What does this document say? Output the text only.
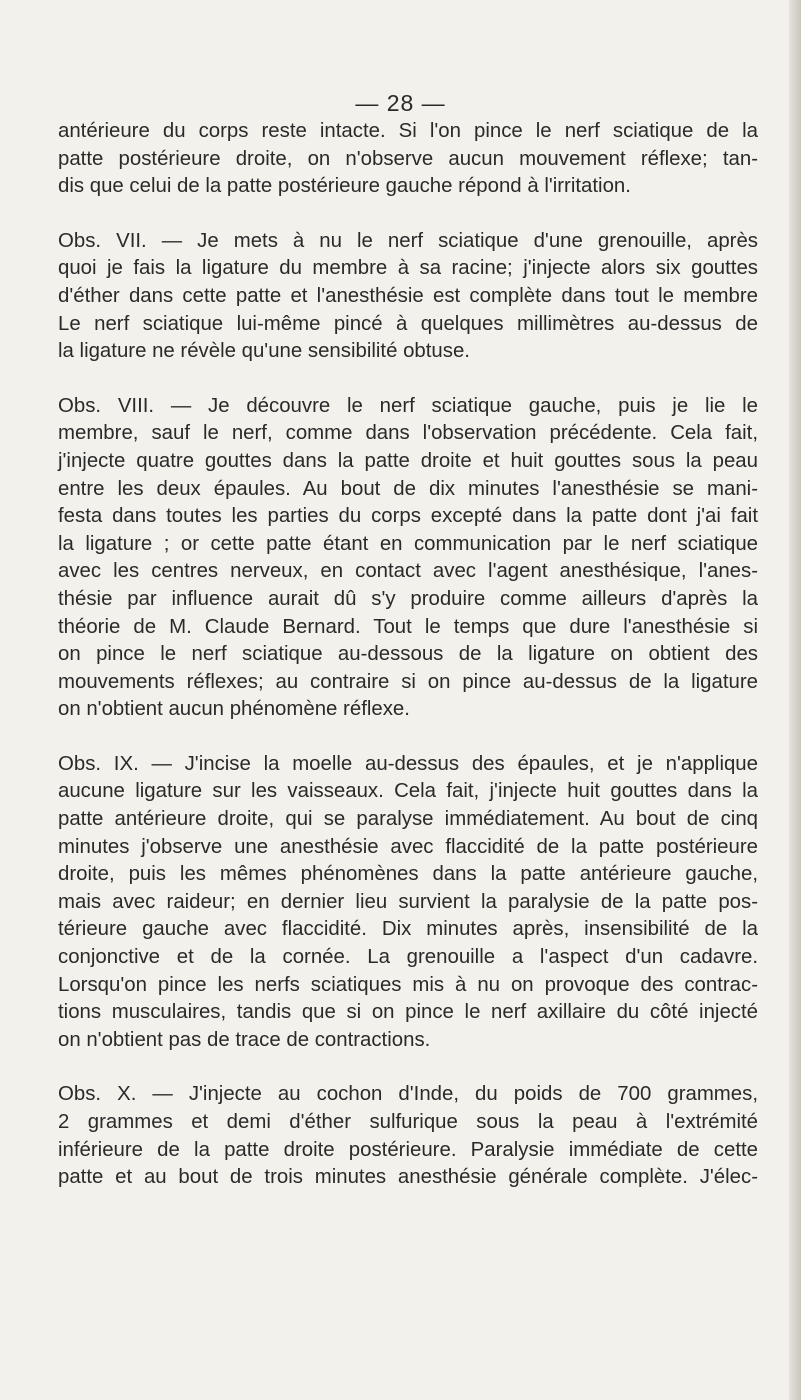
— 28 —

antérieure du corps reste intacte. Si l'on pince le nerf sciatique de la
patte postérieure droite, on n'observe aucun mouvement réflexe; tan-
dis que celui de la patte postérieure gauche répond à l'irritation.

Obs. VII. — Je mets à nu le nerf sciatique d'une grenouille, après
quoi je fais la ligature du membre à sa racine; j'injecte alors six gouttes
d'éther dans cette patte et l'anesthésie est complète dans tout le membre
Le nerf sciatique lui-même pincé à quelques millimètres au-dessus de
la ligature ne révèle qu'une sensibilité obtuse.

Obs. VIII. — Je découvre le nerf sciatique gauche, puis je lie le
membre, sauf le nerf, comme dans l'observation précédente. Cela fait,
j'injecte quatre gouttes dans la patte droite et huit gouttes sous la peau
entre les deux épaules. Au bout de dix minutes l'anesthésie se mani-
festa dans toutes les parties du corps excepté dans la patte dont j'ai fait
la ligature ; or cette patte étant en communication par le nerf sciatique
avec les centres nerveux, en contact avec l'agent anesthésique, l'anes-
thésie par influence aurait dû s'y produire comme ailleurs d'après la
théorie de M. Claude Bernard. Tout le temps que dure l'anesthésie si
on pince le nerf sciatique au-dessous de la ligature on obtient des
mouvements réflexes; au contraire si on pince au-dessus de la ligature
on n'obtient aucun phénomène réflexe.

Obs. IX. — J'incise la moelle au-dessus des épaules, et je n'applique
aucune ligature sur les vaisseaux. Cela fait, j'injecte huit gouttes dans la
patte antérieure droite, qui se paralyse immédiatement. Au bout de cinq
minutes j'observe une anesthésie avec flaccidité de la patte postérieure
droite, puis les mêmes phénomènes dans la patte antérieure gauche,
mais avec raideur; en dernier lieu survient la paralysie de la patte pos-
térieure gauche avec flaccidité. Dix minutes après, insensibilité de la
conjonctive et de la cornée. La grenouille a l'aspect d'un cadavre.
Lorsqu'on pince les nerfs sciatiques mis à nu on provoque des contrac-
tions musculaires, tandis que si on pince le nerf axillaire du côté injecté
on n'obtient pas de trace de contractions.

Obs. X. — J'injecte au cochon d'Inde, du poids de 700 grammes,
2 grammes et demi d'éther sulfurique sous la peau à l'extrémité
inférieure de la patte droite postérieure. Paralysie immédiate de cette
patte et au bout de trois minutes anesthésie générale complète. J'élec-
